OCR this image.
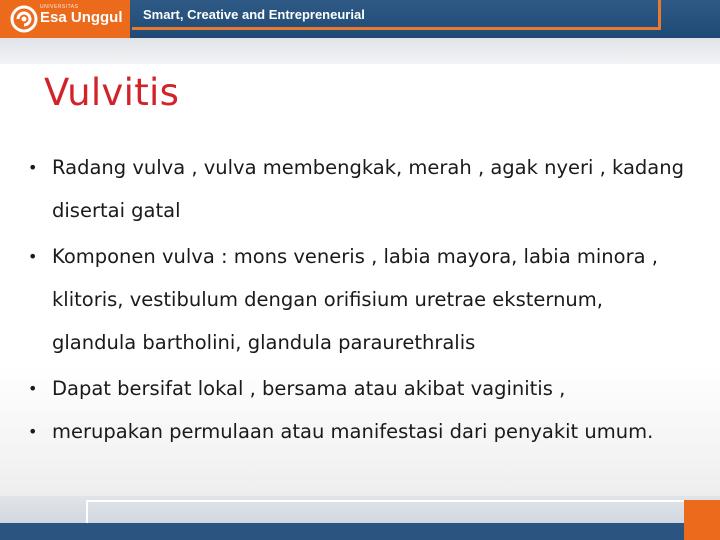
UNIVERSITAS
Esa Unggul Smart, Creative and Entrepreneurial
Vulvitis
• Radang vulva , vulva membengkak, merah , agak nyeri , kadang disertai gatal
• Komponen vulva : mons veneris , labia mayora, labia minora , klitoris, vestibulum dengan orifisium uretrae eksternum, glandula bartholini, glandula paraurethralis
• Dapat bersifat lokal , bersama atau akibat vaginitis ,
• merupakan permulaan atau manifestasi dari penyakit umum.
